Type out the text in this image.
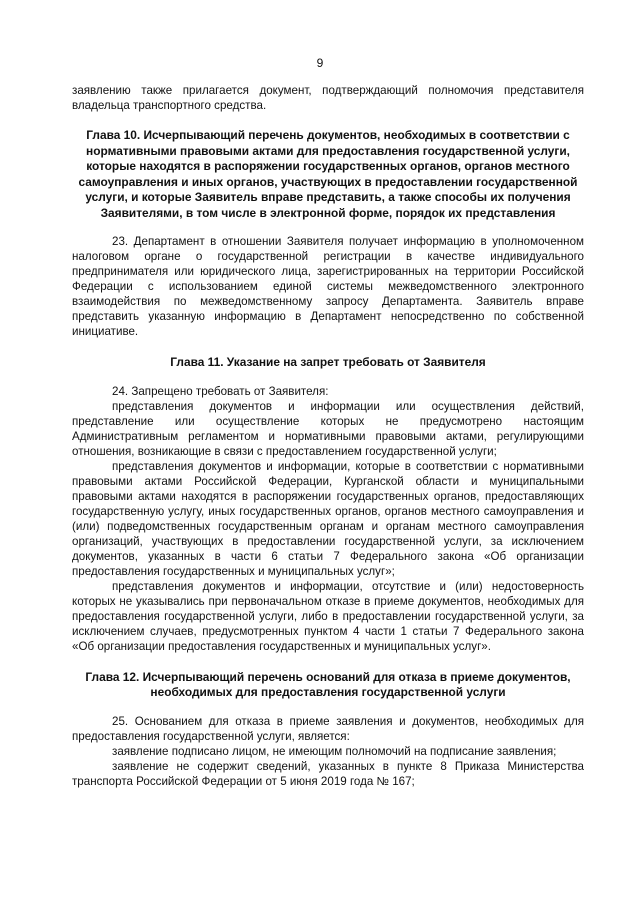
9

заявлению также прилагается документ, подтверждающий полномочия представителя владельца транспортного средства.

Глава 10. Исчерпывающий перечень документов, необходимых в соответствии с нормативными правовыми актами для предоставления государственной услуги, которые находятся в распоряжении государственных органов, органов местного самоуправления и иных органов, участвующих в предоставлении государственной услуги, и которые Заявитель вправе представить, а также способы их получения Заявителями, в том числе в электронной форме, порядок их представления

23. Департамент в отношении Заявителя получает информацию в уполномоченном налоговом органе о государственной регистрации в качестве индивидуального предпринимателя или юридического лица, зарегистрированных на территории Российской Федерации с использованием единой системы межведомственного электронного взаимодействия по межведомственному запросу Департамента. Заявитель вправе представить указанную информацию в Департамент непосредственно по собственной инициативе.

Глава 11. Указание на запрет требовать от Заявителя

24. Запрещено требовать от Заявителя:

представления документов и информации или осуществления действий, представление или осуществление которых не предусмотрено настоящим Административным регламентом и нормативными правовыми актами, регулирующими отношения, возникающие в связи с предоставлением государственной услуги;

представления документов и информации, которые в соответствии с нормативными правовыми актами Российской Федерации, Курганской области и муниципальными правовыми актами находятся в распоряжении государственных органов, предоставляющих государственную услугу, иных государственных органов, органов местного самоуправления и (или) подведомственных государственным органам и органам местного самоуправления организаций, участвующих в предоставлении государственной услуги, за исключением документов, указанных в части 6 статьи 7 Федерального закона «Об организации предоставления государственных и муниципальных услуг»;

представления документов и информации, отсутствие и (или) недостоверность которых не указывались при первоначальном отказе в приеме документов, необходимых для предоставления государственной услуги, либо в предоставлении государственной услуги, за исключением случаев, предусмотренных пунктом 4 части 1 статьи 7 Федерального закона «Об организации предоставления государственных и муниципальных услуг».

Глава 12. Исчерпывающий перечень оснований для отказа в приеме документов, необходимых для предоставления государственной услуги

25. Основанием для отказа в приеме заявления и документов, необходимых для предоставления государственной услуги, является:

заявление подписано лицом, не имеющим полномочий на подписание заявления;

заявление не содержит сведений, указанных в пункте 8 Приказа Министерства транспорта Российской Федерации от 5 июня 2019 года № 167;
